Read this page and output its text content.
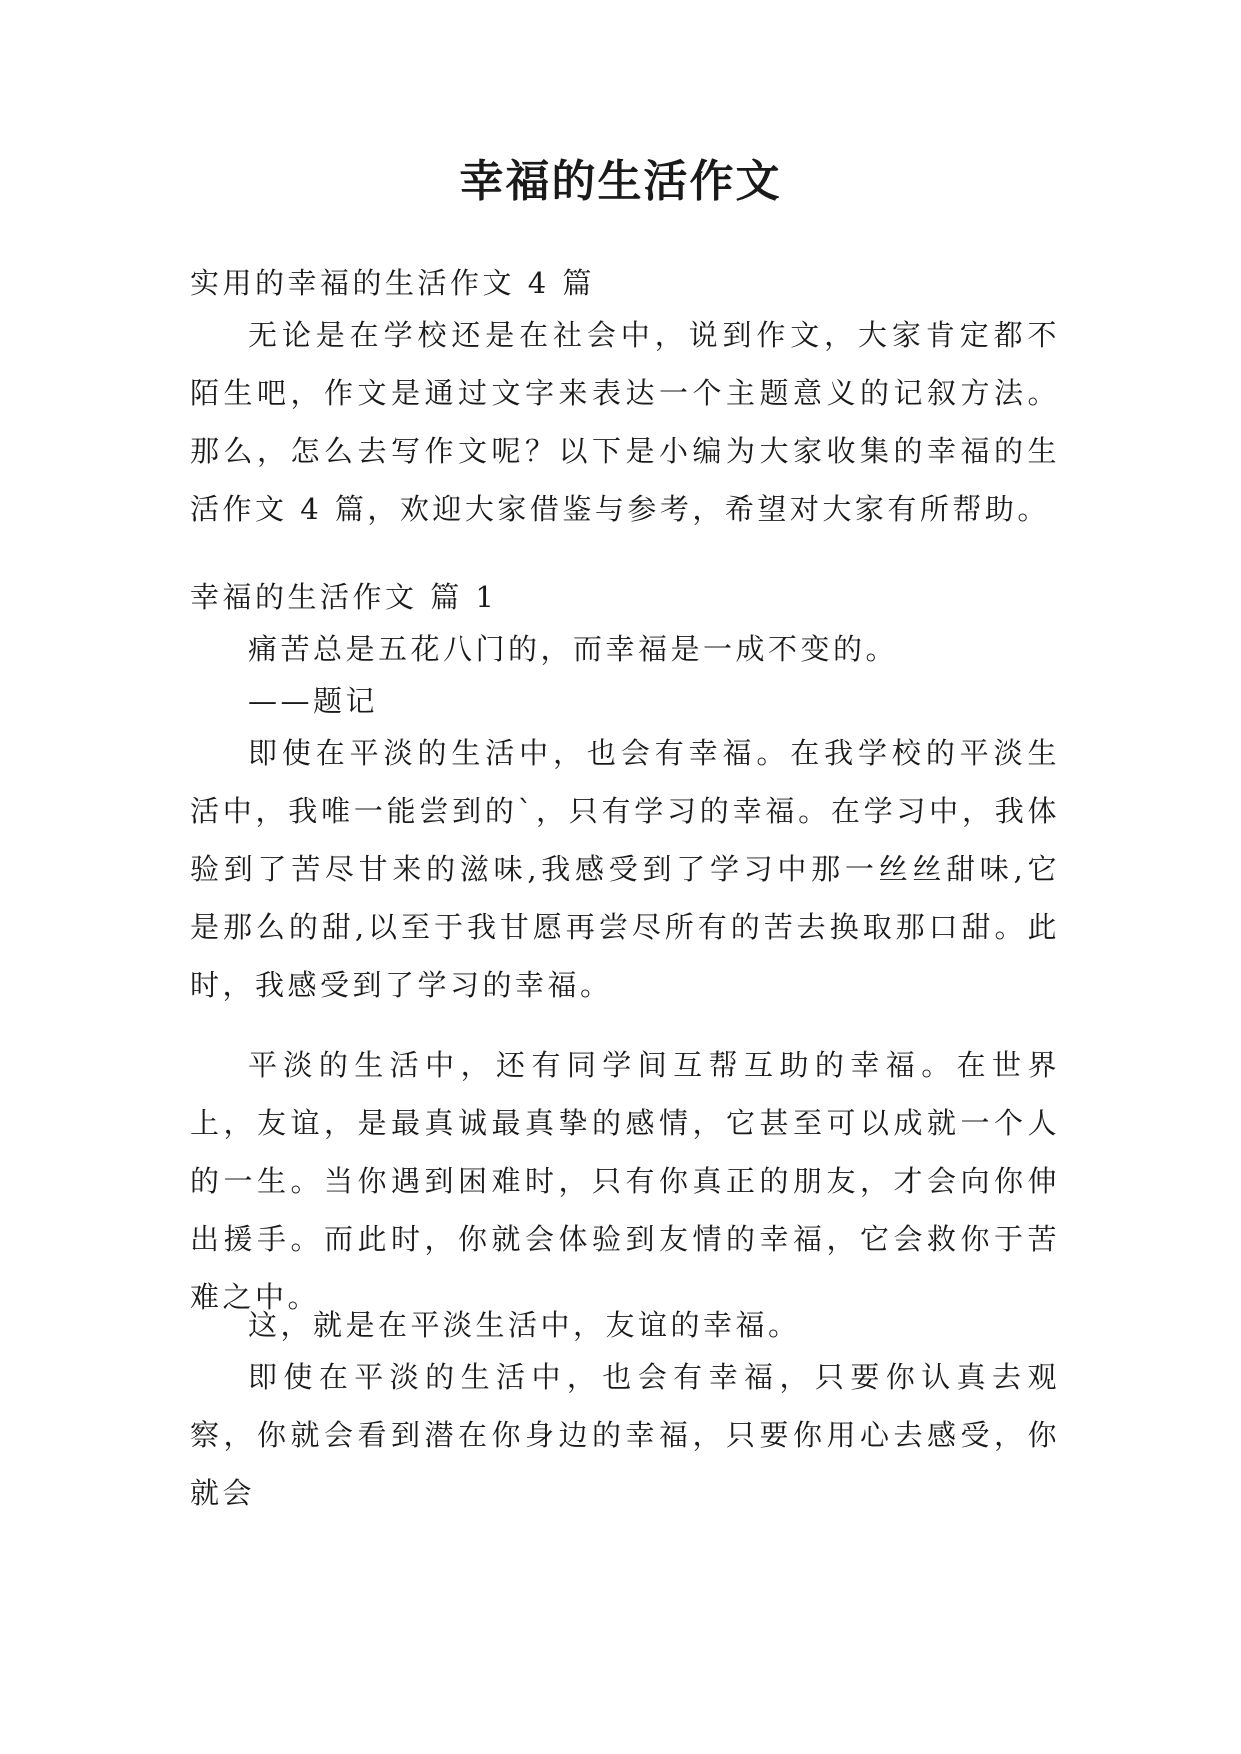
幸福的生活作文
实用的幸福的生活作文 4 篇
无论是在学校还是在社会中，说到作文，大家肯定都不陌生吧，作文是通过文字来表达一个主题意义的记叙方法。那么，怎么去写作文呢？以下是小编为大家收集的幸福的生活作文 4 篇，欢迎大家借鉴与参考，希望对大家有所帮助。
幸福的生活作文 篇 1
痛苦总是五花八门的，而幸福是一成不变的。
——题记
即使在平淡的生活中，也会有幸福。在我学校的平淡生活中，我唯一能尝到的`，只有学习的幸福。在学习中，我体验到了苦尽甘来的滋味,我感受到了学习中那一丝丝甜味,它是那么的甜,以至于我甘愿再尝尽所有的苦去换取那口甜。此时，我感受到了学习的幸福。
平淡的生活中，还有同学间互帮互助的幸福。在世界上，友谊，是最真诚最真挚的感情，它甚至可以成就一个人的一生。当你遇到困难时，只有你真正的朋友，才会向你伸出援手。而此时，你就会体验到友情的幸福，它会救你于苦难之中。
这，就是在平淡生活中，友谊的幸福。
即使在平淡的生活中，也会有幸福，只要你认真去观察，你就会看到潜在你身边的幸福，只要你用心去感受，你就会
